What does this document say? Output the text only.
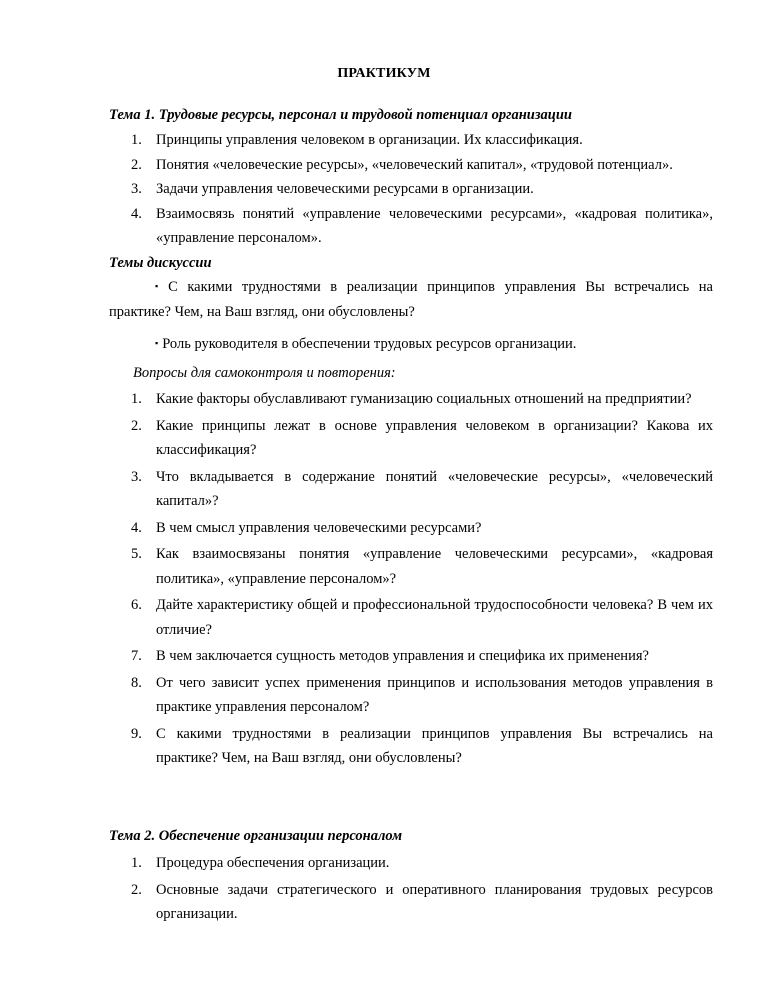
ПРАКТИКУМ
Тема 1. Трудовые ресурсы, персонал и трудовой потенциал организации
1. Принципы управления человеком в организации. Их классификация.
2. Понятия «человеческие ресурсы», «человеческий капитал», «трудовой потенциал».
3. Задачи управления человеческими ресурсами в организации.
4. Взаимосвязь понятий «управление человеческими ресурсами», «кадровая политика», «управление персоналом».
Темы дискуссии
▪ С какими трудностями в реализации принципов управления Вы встречались на практике? Чем, на Ваш взгляд, они обусловлены?
▪ Роль руководителя в обеспечении трудовых ресурсов организации.
Вопросы для самоконтроля и повторения:
1. Какие факторы обуславливают гуманизацию социальных отношений на предприятии?
2. Какие принципы лежат в основе управления человеком в организации? Какова их классификация?
3. Что вкладывается в содержание понятий «человеческие ресурсы», «человеческий капитал»?
4. В чем смысл управления человеческими ресурсами?
5. Как взаимосвязаны понятия «управление человеческими ресурсами», «кадровая политика», «управление персоналом»?
6. Дайте характеристику общей и профессиональной трудоспособности человека? В чем их отличие?
7. В чем заключается сущность методов управления и специфика их применения?
8. От чего зависит успех применения принципов и использования методов управления в практике управления персоналом?
9. С какими трудностями в реализации принципов управления Вы встречались на практике? Чем, на Ваш взгляд, они обусловлены?
Тема 2. Обеспечение организации персоналом
1. Процедура обеспечения организации.
2. Основные задачи стратегического и оперативного планирования трудовых ресурсов организации.
